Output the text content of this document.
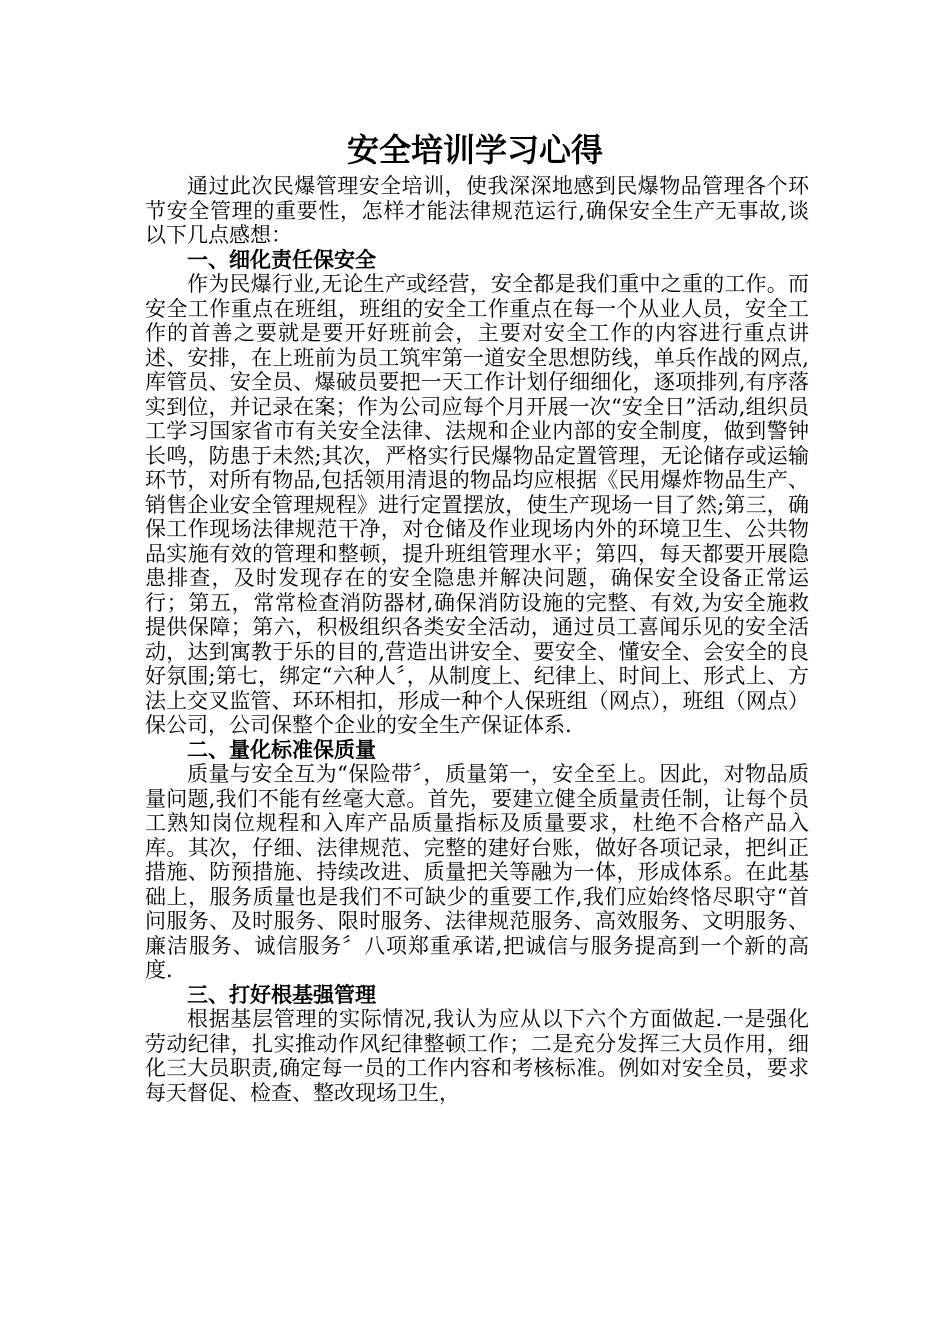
安全培训学习心得

通过此次民爆管理安全培训，使我深深地感到民爆物品管理各个环节安全管理的重要性，怎样才能法律规范运行,确保安全生产无事故,谈以下几点感想：

一、细化责任保安全

作为民爆行业,无论生产或经营，安全都是我们重中之重的工作。而安全工作重点在班组，班组的安全工作重点在每一个从业人员，安全工作的首善之要就是要开好班前会，主要对安全工作的内容进行重点讲述、安排，在上班前为员工筑牢第一道安全思想防线，单兵作战的网点,库管员、安全员、爆破员要把一天工作计划仔细细化，逐项排列,有序落实到位，并记录在案；作为公司应每个月开展一次“安全日”活动,组织员工学习国家省市有关安全法律、法规和企业内部的安全制度，做到警钟长鸣，防患于未然;其次，严格实行民爆物品定置管理，无论储存或运输环节，对所有物品,包括领用清退的物品均应根据《民用爆炸物品生产、销售企业安全管理规程》进行定置摆放，使生产现场一目了然;第三，确保工作现场法律规范干净，对仓储及作业现场内外的环境卫生、公共物品实施有效的管理和整顿，提升班组管理水平；第四，每天都要开展隐患排查，及时发现存在的安全隐患并解决问题，确保安全设备正常运行；第五，常常检查消防器材,确保消防设施的完整、有效,为安全施救提供保障；第六，积极组织各类安全活动，通过员工喜闻乐见的安全活动，达到寓教于乐的目的,营造出讲安全、要安全、懂安全、会安全的良好氛围;第七，绑定“六种人〞，从制度上、纪律上、时间上、形式上、方法上交叉监管、环环相扣，形成一种个人保班组（网点），班组（网点）保公司，公司保整个企业的安全生产保证体系.

二、量化标准保质量

质量与安全互为“保险带〞，质量第一，安全至上。因此，对物品质量问题,我们不能有丝毫大意。首先，要建立健全质量责任制，让每个员工熟知岗位规程和入库产品质量指标及质量要求，杜绝不合格产品入库。其次，仔细、法律规范、完整的建好台账，做好各项记录，把纠正措施、防预措施、持续改进、质量把关等融为一体，形成体系。在此基础上，服务质量也是我们不可缺少的重要工作,我们应始终恪尽职守“首问服务、及时服务、限时服务、法律规范服务、高效服务、文明服务、廉洁服务、诚信服务〞八项郑重承诺,把诚信与服务提高到一个新的高度.

三、打好根基强管理

根据基层管理的实际情况,我认为应从以下六个方面做起.一是强化劳动纪律，扎实推动作风纪律整顿工作；二是充分发挥三大员作用，细化三大员职责,确定每一员的工作内容和考核标准。例如对安全员，要求每天督促、检查、整改现场卫生，
